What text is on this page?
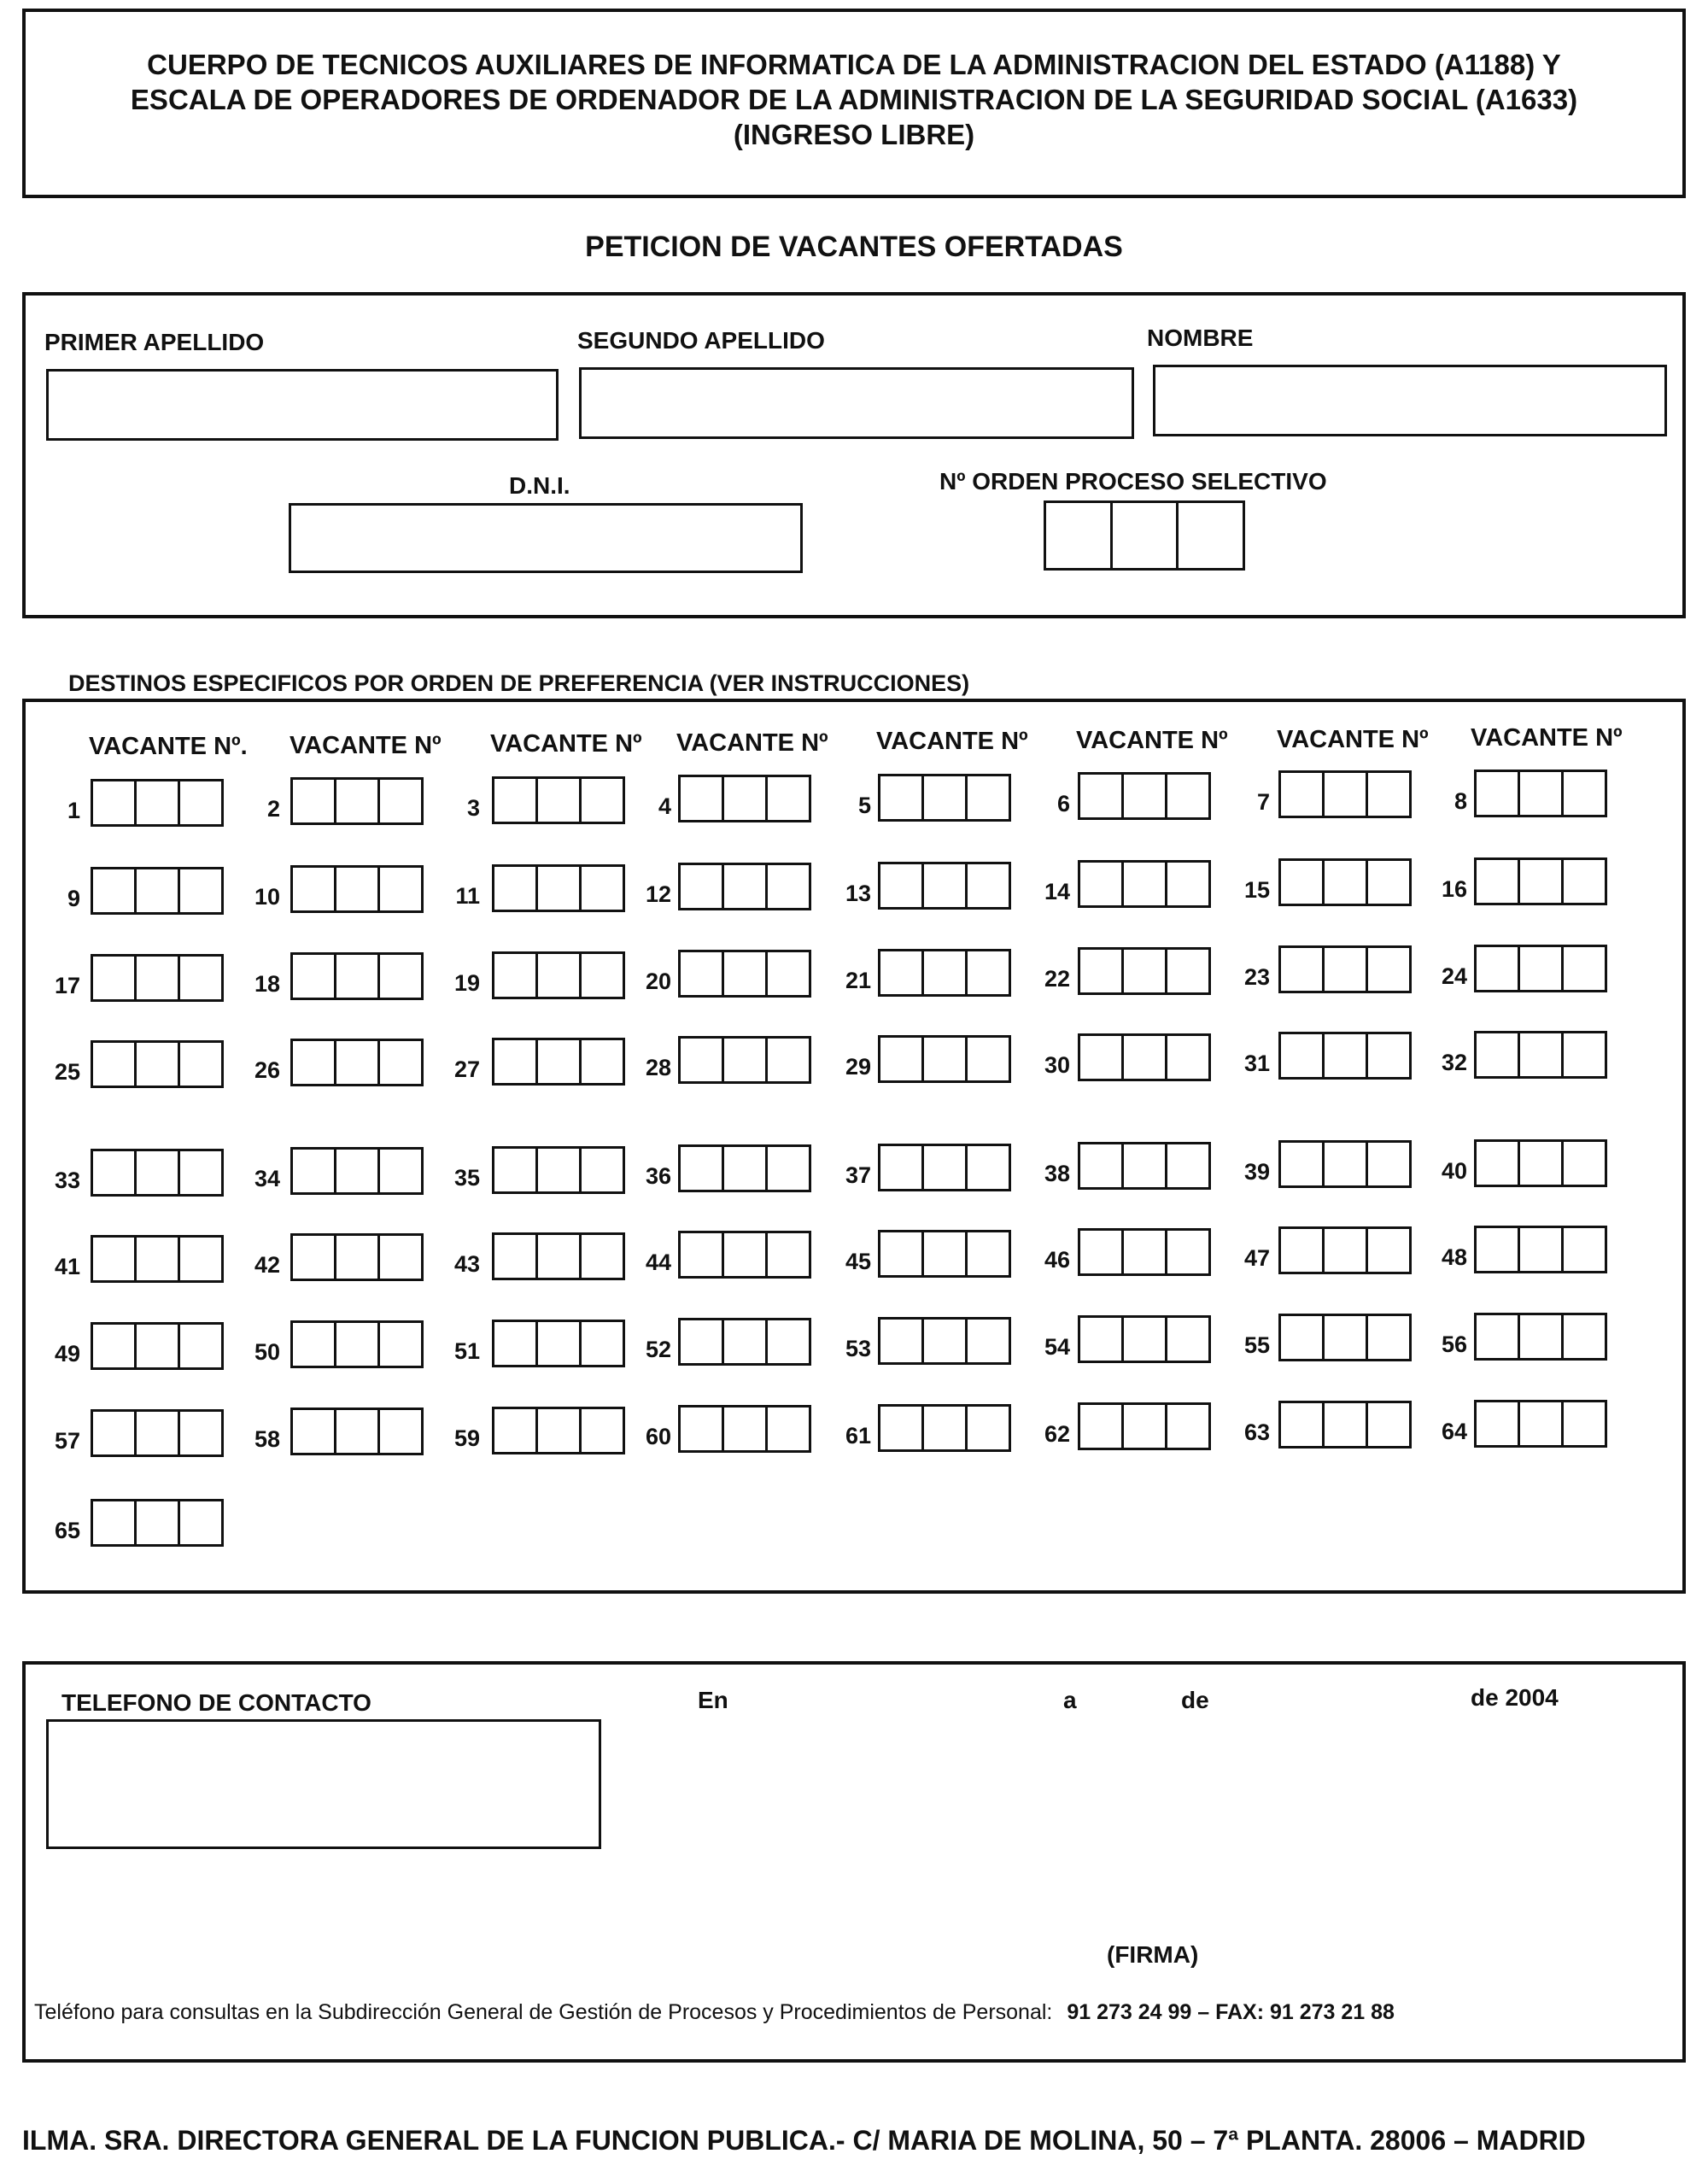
CUERPO DE TECNICOS AUXILIARES DE INFORMATICA DE LA ADMINISTRACION DEL ESTADO (A1188) Y
ESCALA DE OPERADORES DE ORDENADOR DE LA ADMINISTRACION DE LA SEGURIDAD SOCIAL (A1633)
(INGRESO LIBRE)
PETICION DE VACANTES OFERTADAS
PRIMER APELLIDO	SEGUNDO APELLIDO	NOMBRE
D.N.I.	Nº ORDEN PROCESO SELECTIVO
DESTINOS ESPECIFICOS POR ORDEN DE PREFERENCIA (VER INSTRUCCIONES)
VACANTE Nº. VACANTE Nº VACANTE Nº VACANTE Nº VACANTE Nº VACANTE Nº VACANTE Nº VACANTE Nº
1	2	3	4	5	6	7	8
9	10	11	12	13	14	15	16
17	18	19	20	21	22	23	24
25	26	27	28	29	30	31	32
33	34	35	36	37	38	39	40
41	42	43	44	45	46	47	48
49	50	51	52	53	54	55	56
57	58	59	60	61	62	63	64
65
TELEFONO DE CONTACTO	En	a	de	de 2004
(FIRMA)
Teléfono para consultas en la Subdirección General de Gestión de Procesos y Procedimientos de Personal: 91 273 24 99 – FAX: 91 273 21 88
ILMA. SRA. DIRECTORA GENERAL DE LA FUNCION PUBLICA.- C/ MARIA DE MOLINA, 50 – 7ª PLANTA. 28006 – MADRID
